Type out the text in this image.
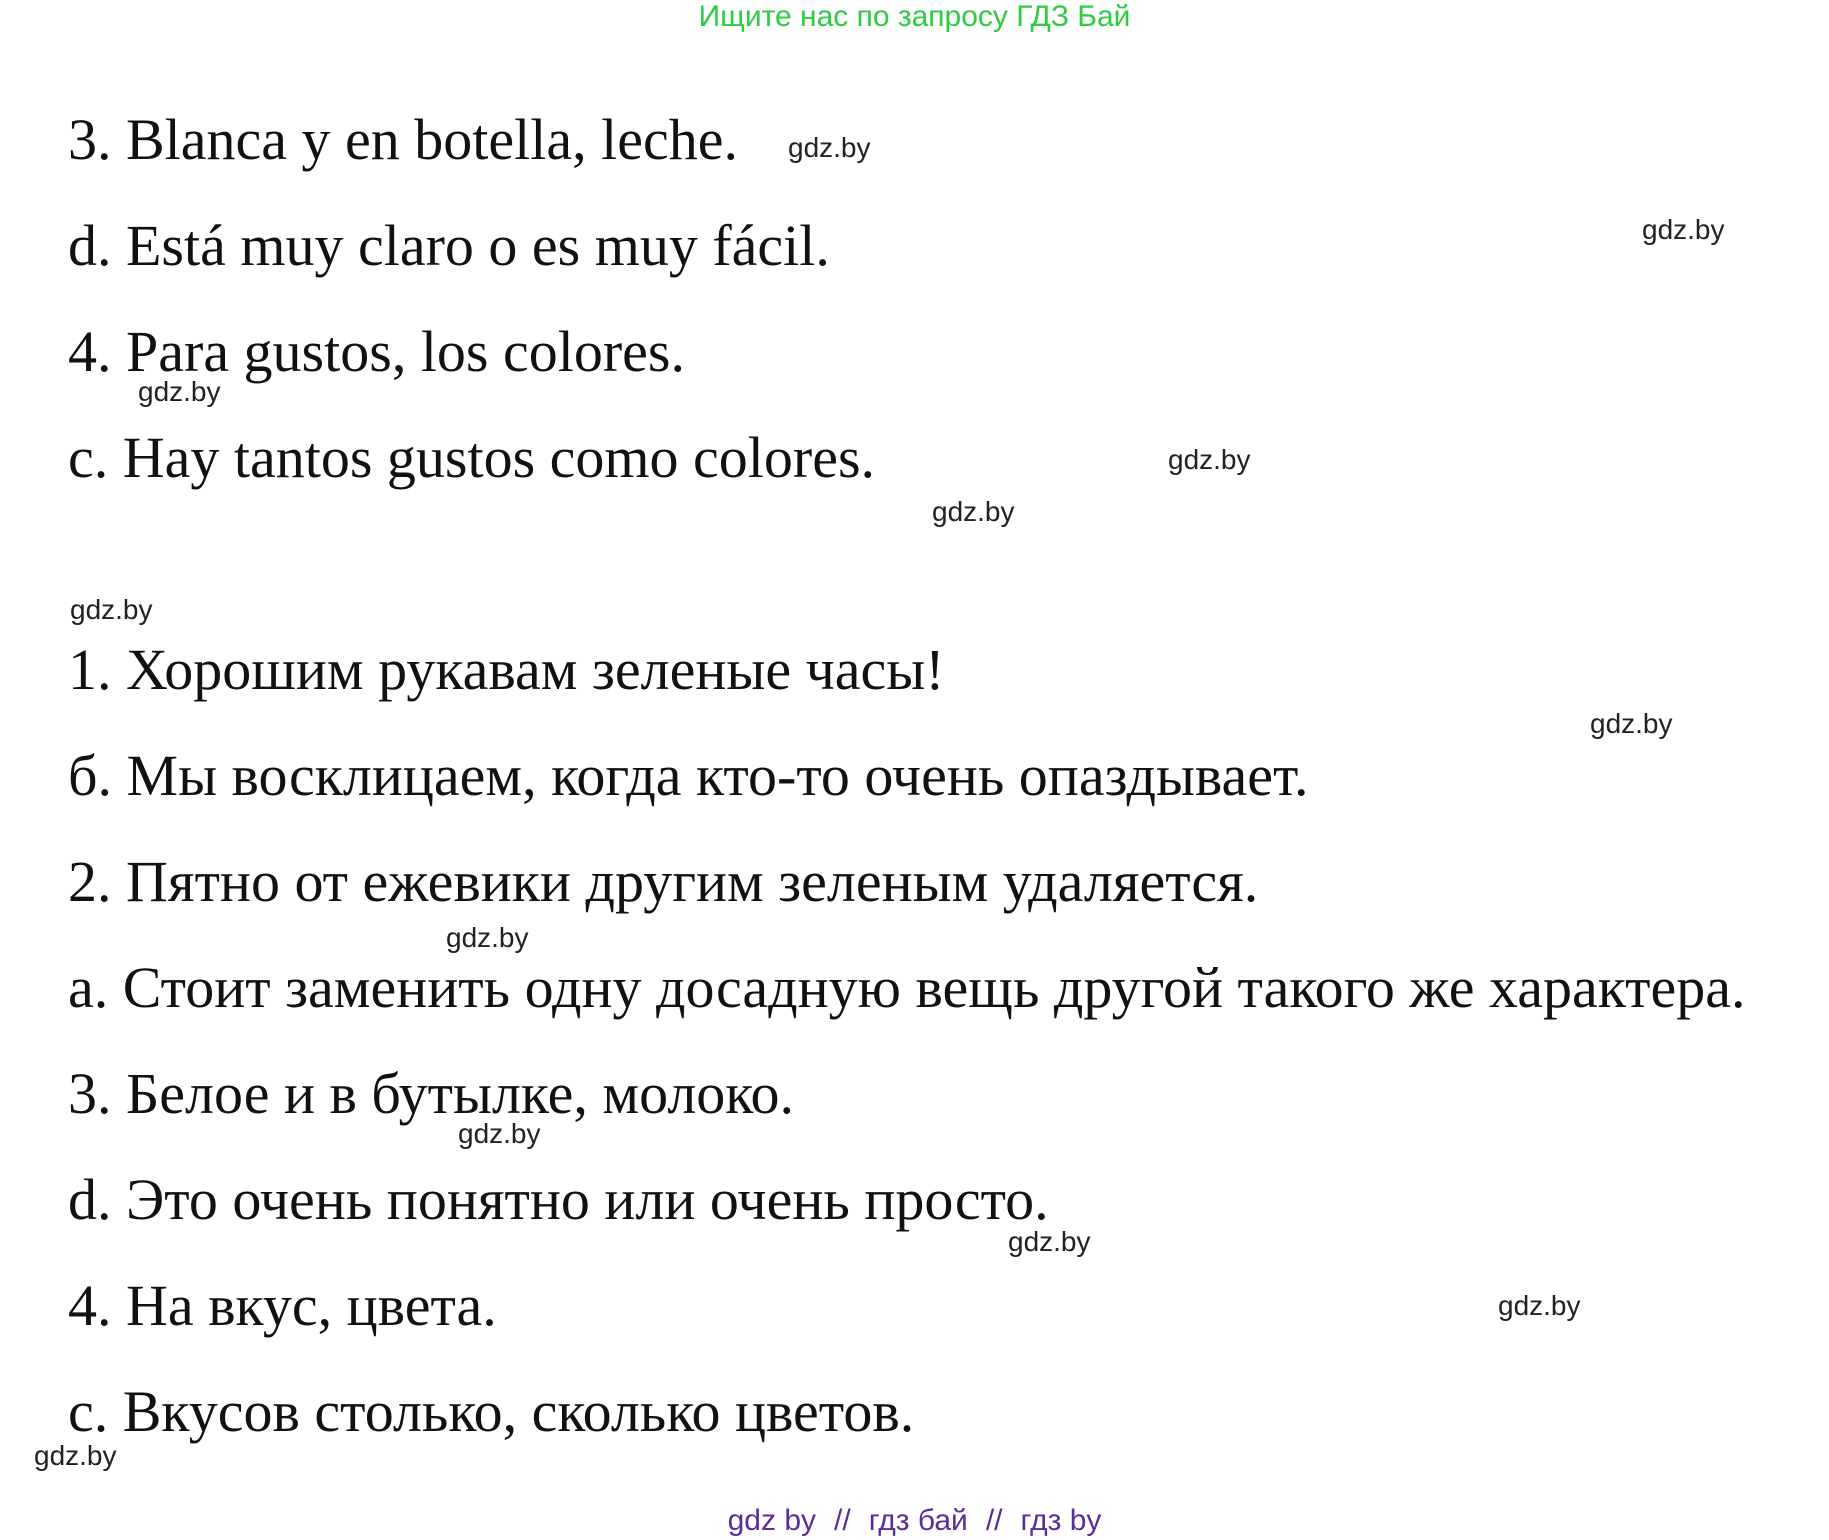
Ищите нас по запросу ГДЗ Бай
3. Blanca y en botella, leche.
d. Está muy claro o es muy fácil.
4. Para gustos, los colores.
c. Hay tantos gustos como colores.
1. Хорошим рукавам зеленые часы!
б. Мы восклицаем, когда кто-то очень опаздывает.
2. Пятно от ежевики другим зеленым удаляется.
а. Стоит заменить одну досадную вещь другой такого же характера.
3. Белое и в бутылке, молоко.
d. Это очень понятно или очень просто.
4. На вкус, цвета.
c. Вкусов столько, сколько цветов.
gdz.by
gdz.by
gdz.by
gdz.by
gdz.by
gdz.by
gdz.by
gdz.by
gdz.by
gdz.by
gdz.by
gdz.by
gdz by // гдз бай // гдз by
